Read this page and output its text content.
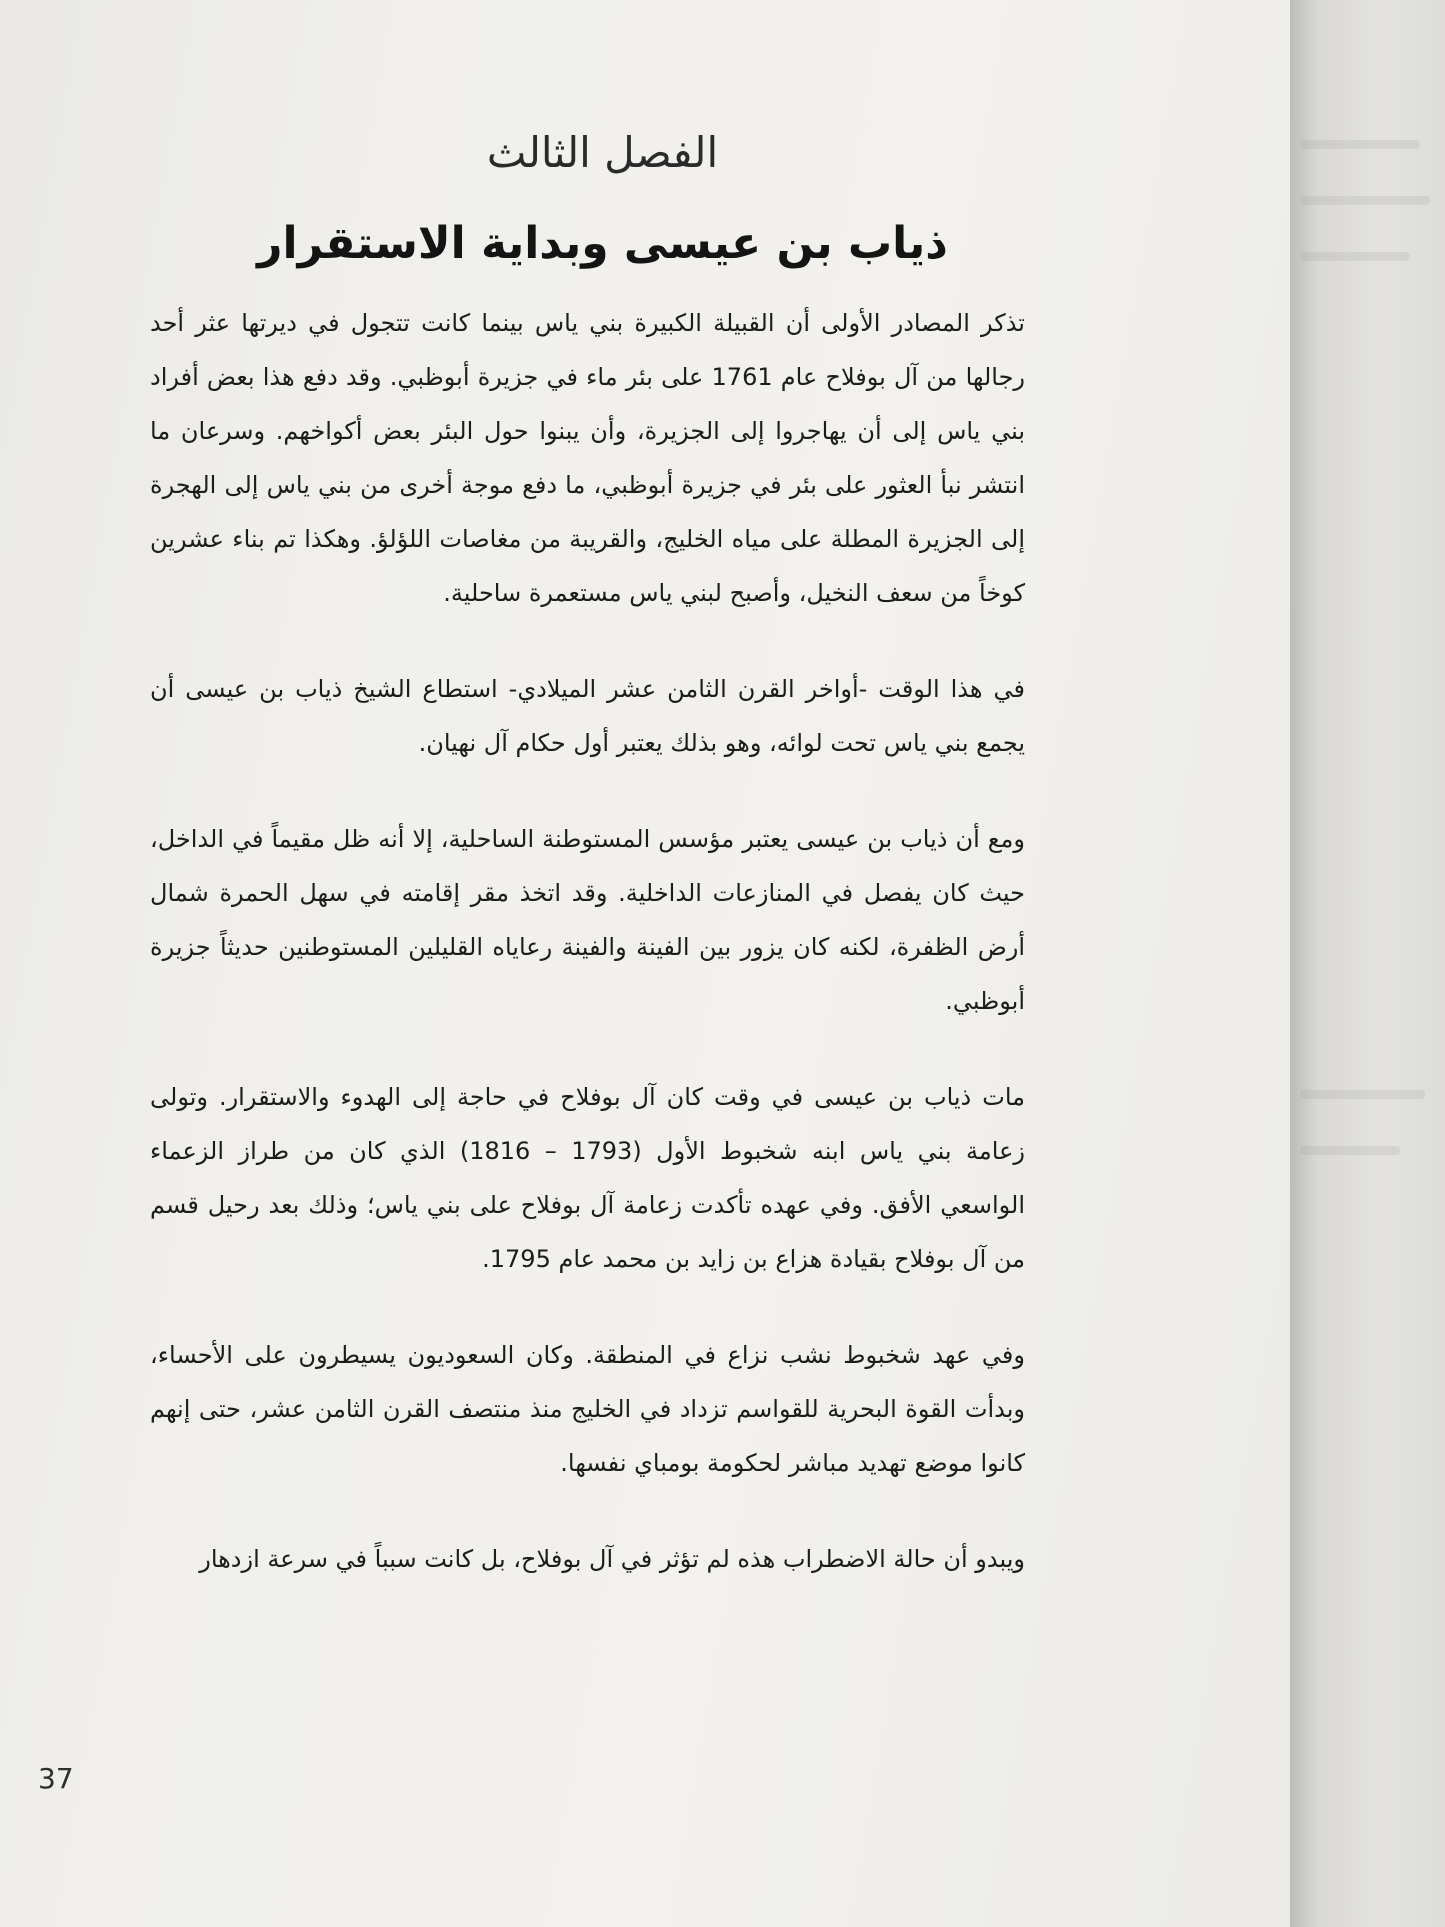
الفصل الثالث
ذياب بن عيسى وبداية الاستقرار

تذكر المصادر الأولى أن القبيلة الكبيرة بني ياس بينما كانت تتجول في ديرتها عثر أحد رجالها من آل بوفلاح عام 1761 على بئر ماء في جزيرة أبوظبي. وقد دفع هذا بعض أفراد بني ياس إلى أن يهاجروا إلى الجزيرة، وأن يبنوا حول البئر بعض أكواخهم. وسرعان ما انتشر نبأ العثور على بئر في جزيرة أبوظبي، ما دفع موجة أخرى من بني ياس إلى الهجرة إلى الجزيرة المطلة على مياه الخليج، والقريبة من مغاصات اللؤلؤ. وهكذا تم بناء عشرين كوخاً من سعف النخيل، وأصبح لبني ياس مستعمرة ساحلية.

في هذا الوقت -أواخر القرن الثامن عشر الميلادي- استطاع الشيخ ذياب بن عيسى أن يجمع بني ياس تحت لوائه، وهو بذلك يعتبر أول حكام آل نهيان.

ومع أن ذياب بن عيسى يعتبر مؤسس المستوطنة الساحلية، إلا أنه ظل مقيماً في الداخل، حيث كان يفصل في المنازعات الداخلية. وقد اتخذ مقر إقامته في سهل الحمرة شمال أرض الظفرة، لكنه كان يزور بين الفينة والفينة رعاياه القليلين المستوطنين حديثاً جزيرة أبوظبي.

مات ذياب بن عيسى في وقت كان آل بوفلاح في حاجة إلى الهدوء والاستقرار. وتولى زعامة بني ياس ابنه شخبوط الأول (1793 – 1816) الذي كان من طراز الزعماء الواسعي الأفق. وفي عهده تأكدت زعامة آل بوفلاح على بني ياس؛ وذلك بعد رحيل قسم من آل بوفلاح بقيادة هزاع بن زايد بن محمد عام 1795.

وفي عهد شخبوط نشب نزاع في المنطقة. وكان السعوديون يسيطرون على الأحساء، وبدأت القوة البحرية للقواسم تزداد في الخليج منذ منتصف القرن الثامن عشر، حتى إنهم كانوا موضع تهديد مباشر لحكومة بومباي نفسها.

ويبدو أن حالة الاضطراب هذه لم تؤثر في آل بوفلاح، بل كانت سبباً في سرعة ازدهار

37
